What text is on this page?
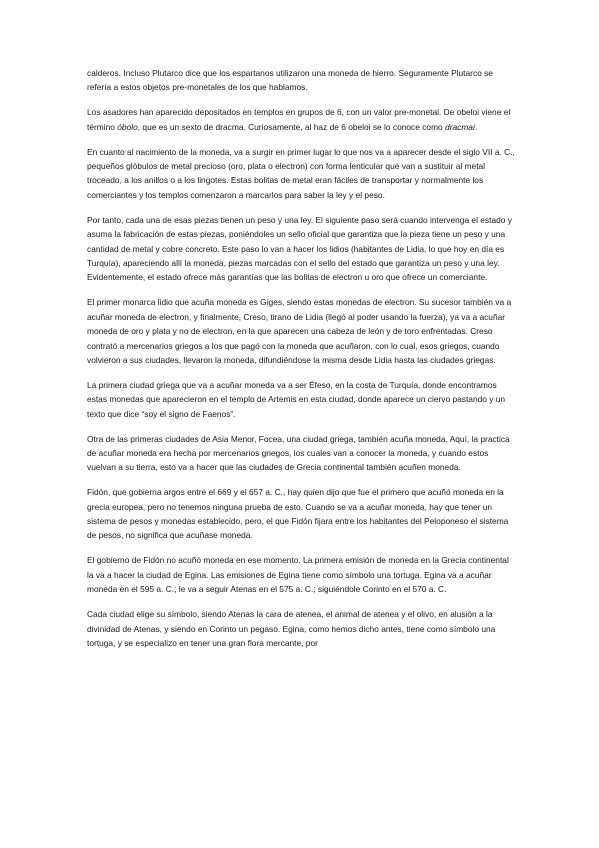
calderos. Incluso Plutarco dice que los espartanos utilizaron una moneda de hierro. Seguramente Plutarco se refería a estos objetos pre-monetales de los que hablamos.

Los asadores han aparecido depositados en templos en grupos de 6, con un valor pre-monetal. De obeloi viene el término óbolo, que es un sexto de dracma. Curiosamente, al haz de 6 obeloi se lo conoce como dracmai.

En cuanto al nacimiento de la moneda, va a surgir en primer lugar lo que nos va a aparecer desde el siglo VII a. C., pequeños glóbulos de metal precioso (oro, plata o electron) con forma lenticular que van a sustituir al metal troceado, a los anillos o a los lingotes. Estas bolitas de metal eran fáciles de transportar y normalmente los comerciantes y los templos comenzaron a marcarlos para saber la ley y el peso.

Por tanto, cada una de esas piezas tienen un peso y una ley. El siguiente paso será cuando intervenga el estado y asuma la fabricación de estas piezas, poniéndoles un sello oficial que garantiza que la pieza tiene un peso y una cantidad de metal y cobre concreto. Este paso lo van a hacer los lidios (habitantes de Lidia, lo que hoy en día es Turquía), apareciendo allí la moneda, piezas marcadas con el sello del estado que garantiza un peso y una ley. Evidentemente, el estado ofrece más garantías que las bolitas de electron u oro que ofrece un comerciante.

El primer monarca lidio que acuña moneda es Giges, siendo estas monedas de electron. Su sucesor también va a acuñar moneda de electron, y finalmente, Creso, tirano de Lidia (llegó al poder usando la fuerza), ya va a acuñar moneda de oro y plata y no de electron, en la que aparecen una cabeza de león y de toro enfrentadas. Creso contrató a mercenarios griegos a los que pagó con la moneda que acuñaron, con lo cual, esos griegos, cuando volvieron a sus ciudades, llevaron la moneda, difundiéndose la misma desde Lidia hasta las ciudades griegas.

La primera ciudad griega que va a acuñar moneda va a ser Éfeso, en la costa de Turquía, donde encontramos estas monedas que aparecieron en el templo de Artemis en esta ciudad, donde aparece un ciervo pastando y un texto que dice “soy el signo de Faenos”.

Otra de las primeras ciudades de Asia Menor, Focea, una ciudad griega, también acuña moneda. Aquí, la practica de acuñar moneda era hecha por mercenarios griegos, los cuales van a conocer la moneda, y cuando estos vuelvan a su tierra, esto va a hacer que las ciudades de Grecia continental también acuñen moneda.

Fidón, que gobierna argos entre el 669 y el 657 a. C., hay quien dijo que fue el primero que acuñó moneda en la grecia europea, pero no tenemos ninguna prueba de esto. Cuando se va a acuñar moneda, hay que tener un sistema de pesos y monedas establecido, pero, el que Fidón fijara entre los habitantes del Peloponeso el sistema de pesos, no significa que acuñase moneda.

El gobierno de Fidón no acuñó moneda en ese momento. La primera emisión de moneda en la Grecia continental la va a hacer la ciudad de Egina. Las emisiones de Egina tiene como símbolo una tortuga. Egina va a acuñar moneda en el 595 a. C.; le va a seguir Atenas en el 575 a. C.; siguiéndole Corinto en el 570 a. C.

Cada ciudad elige su símbolo, siendo Atenas la cara de atenea, el animal de atenea y el olivo, en alusión a la divinidad de Atenas, y siendo en Corinto un pegaso. Egina, como hemos dicho antes, tiene como símbolo una tortuga, y se especializo en tener una gran flora mercante, por
